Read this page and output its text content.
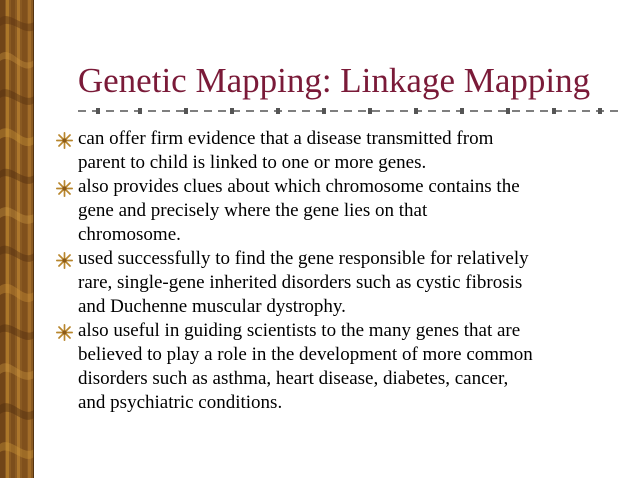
Genetic Mapping: Linkage Mapping
can offer firm evidence that a disease transmitted from
parent to child is linked to one or more genes.
also provides clues about which chromosome contains the
gene and precisely where the gene lies on that
chromosome.
used successfully to find the gene responsible for relatively
rare, single-gene inherited disorders such as cystic fibrosis
and Duchenne muscular dystrophy.
also useful in guiding scientists to the many genes that are
believed to play a role in the development of more common
disorders such as asthma, heart disease, diabetes, cancer,
and psychiatric conditions.
